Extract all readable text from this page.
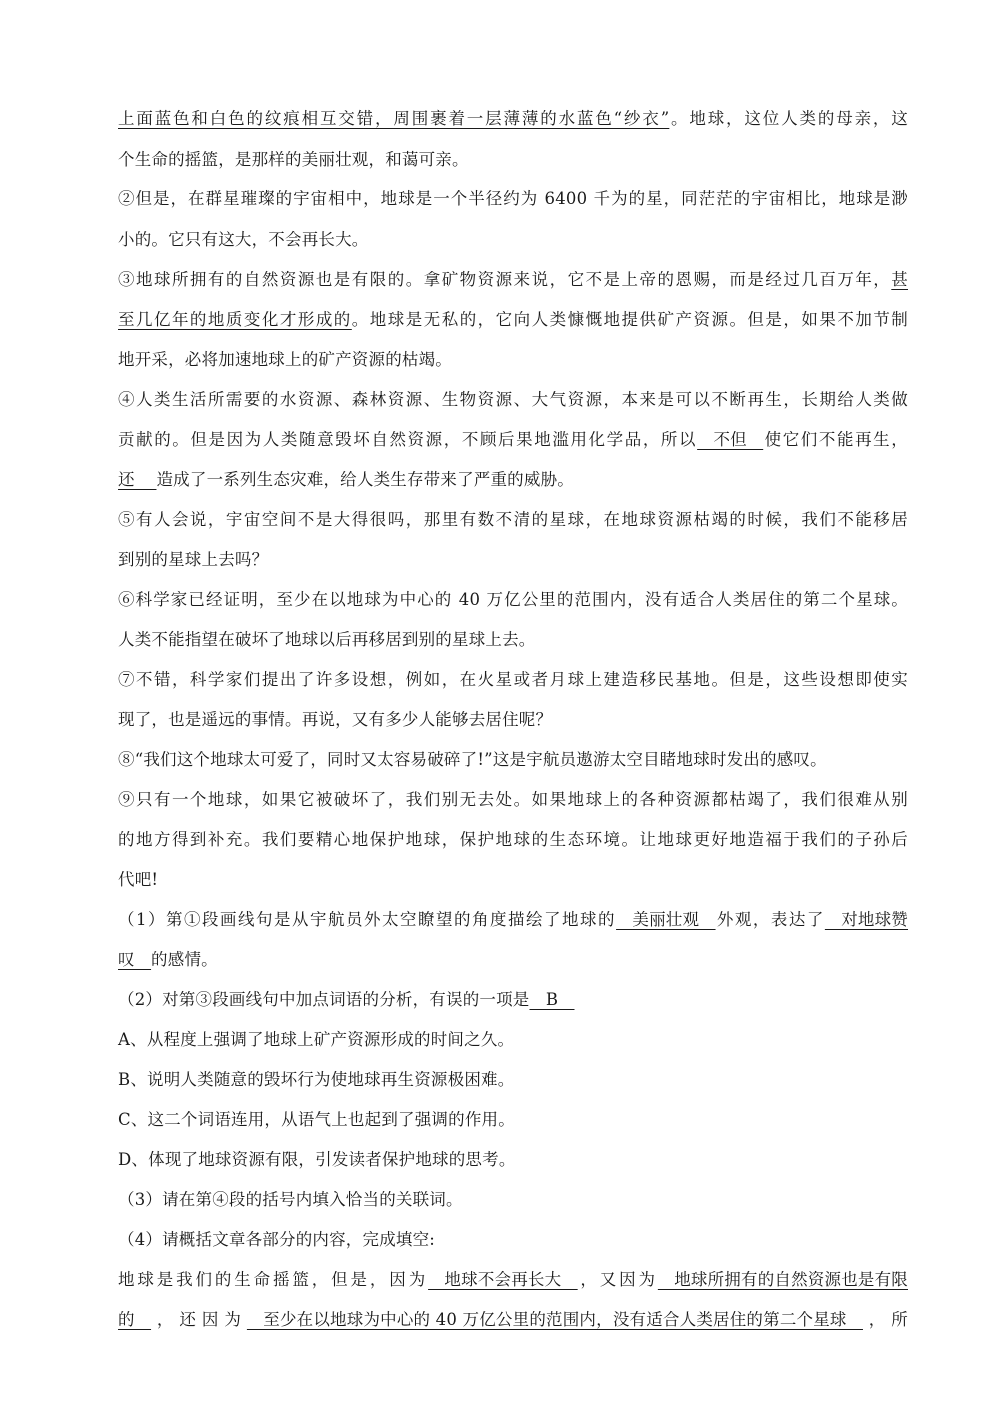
上面蓝色和白色的纹痕相互交错，周围裹着一层薄薄的水蓝色“纱衣”。地球，这位人类的母亲，这
个生命的摇篮，是那样的美丽壮观，和蔼可亲。
②但是，在群星璀璨的宇宙相中，地球是一个半径约为 6400 千为的星，同茫茫的宇宙相比，地球是渺
小的。它只有这大，不会再长大。
③地球所拥有的自然资源也是有限的。拿矿物资源来说，它不是上帝的恩赐，而是经过几百万年，甚
至几亿年的地质变化才形成的。地球是无私的，它向人类慷慨地提供矿产资源。但是，如果不加节制
地开采，必将加速地球上的矿产资源的枯竭。
④人类生活所需要的水资源、森林资源、生物资源、大气资源，本来是可以不断再生，长期给人类做
贡献的。但是因为人类随意毁坏自然资源，不顾后果地滥用化学品，所以   不但   使它们不能再生，
还    造成了一系列生态灾难，给人类生存带来了严重的威胁。
⑤有人会说，宇宙空间不是大得很吗，那里有数不清的星球，在地球资源枯竭的时候，我们不能移居
到别的星球上去吗？
⑥科学家已经证明，至少在以地球为中心的 40 万亿公里的范围内，没有适合人类居住的第二个星球。
人类不能指望在破坏了地球以后再移居到别的星球上去。
⑦不错，科学家们提出了许多设想，例如，在火星或者月球上建造移民基地。但是，这些设想即使实
现了，也是遥远的事情。再说，又有多少人能够去居住呢？
⑧“我们这个地球太可爱了，同时又太容易破碎了!”这是宇航员遨游太空目睹地球时发出的感叹。
⑨只有一个地球，如果它被破坏了，我们别无去处。如果地球上的各种资源都枯竭了，我们很难从别
的地方得到补充。我们要精心地保护地球，保护地球的生态环境。让地球更好地造福于我们的子孙后
代吧!
（1）第①段画线句是从宇航员外太空瞭望的角度描绘了地球的   美丽壮观   外观，表达了   对地球赞
叹   的感情。
（2）对第③段画线句中加点词语的分析，有误的一项是   B
A、从程度上强调了地球上矿产资源形成的时间之久。
B、说明人类随意的毁坏行为使地球再生资源极困难。
C、这二个词语连用，从语气上也起到了强调的作用。
D、体现了地球资源有限，引发读者保护地球的思考。
（3）请在第④段的括号内填入恰当的关联词。
（4）请概括文章各部分的内容，完成填空:
地球是我们的生命摇篮，但是，因为   地球不会再长大   ，又因为   地球所拥有的自然资源也是有限
的   ，还因为   至少在以地球为中心的 40 万亿公里的范围内，没有适合人类居住的第二个星球   ，所
